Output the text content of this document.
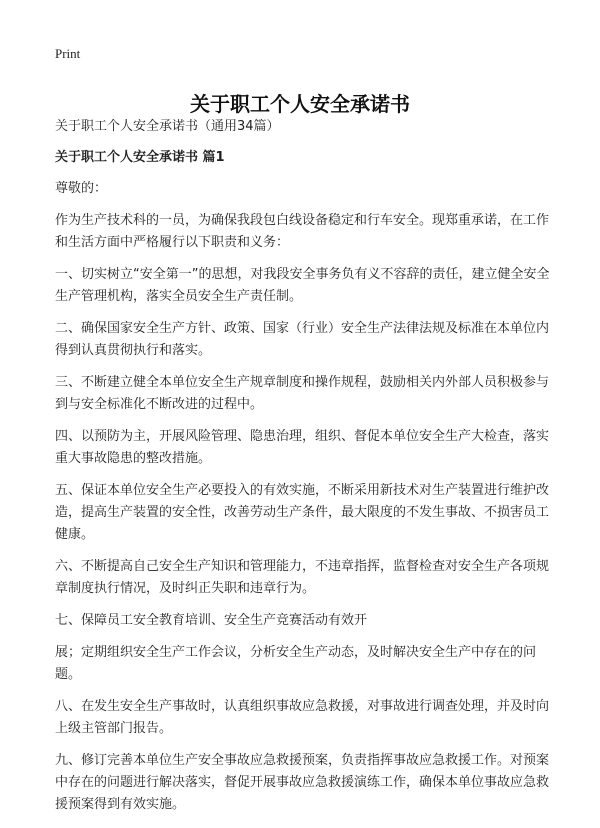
Print
关于职工个人安全承诺书

关于职工个人安全承诺书（通用34篇）

关于职工个人安全承诺书 篇1

尊敬的：

作为生产技术科的一员，为确保我段包白线设备稳定和行车安全。现郑重承诺，在工作和生活方面中严格履行以下职责和义务：

一、切实树立“安全第一”的思想，对我段安全事务负有义不容辞的责任，建立健全安全生产管理机构，落实全员安全生产责任制。

二、确保国家安全生产方针、政策、国家（行业）安全生产法律法规及标准在本单位内得到认真贯彻执行和落实。

三、不断建立健全本单位安全生产规章制度和操作规程，鼓励相关内外部人员积极参与到与安全标准化不断改进的过程中。

四、以预防为主，开展风险管理、隐患治理，组织、督促本单位安全生产大检查，落实重大事故隐患的整改措施。

五、保证本单位安全生产必要投入的有效实施，不断采用新技术对生产装置进行维护改造，提高生产装置的安全性，改善劳动生产条件，最大限度的不发生事故、不损害员工健康。

六、不断提高自己安全生产知识和管理能力，不违章指挥，监督检查对安全生产各项规章制度执行情况，及时纠正失职和违章行为。

七、保障员工安全教育培训、安全生产竞赛活动有效开

展；定期组织安全生产工作会议，分析安全生产动态，及时解决安全生产中存在的问题。

八、在发生安全生产事故时，认真组织事故应急救援，对事故进行调查处理，并及时向上级主管部门报告。

九、修订完善本单位生产安全事故应急救援预案，负责指挥事故应急救援工作。对预案中存在的问题进行解决落实，督促开展事故应急救援演练工作，确保本单位事故应急救援预案得到有效实施。
